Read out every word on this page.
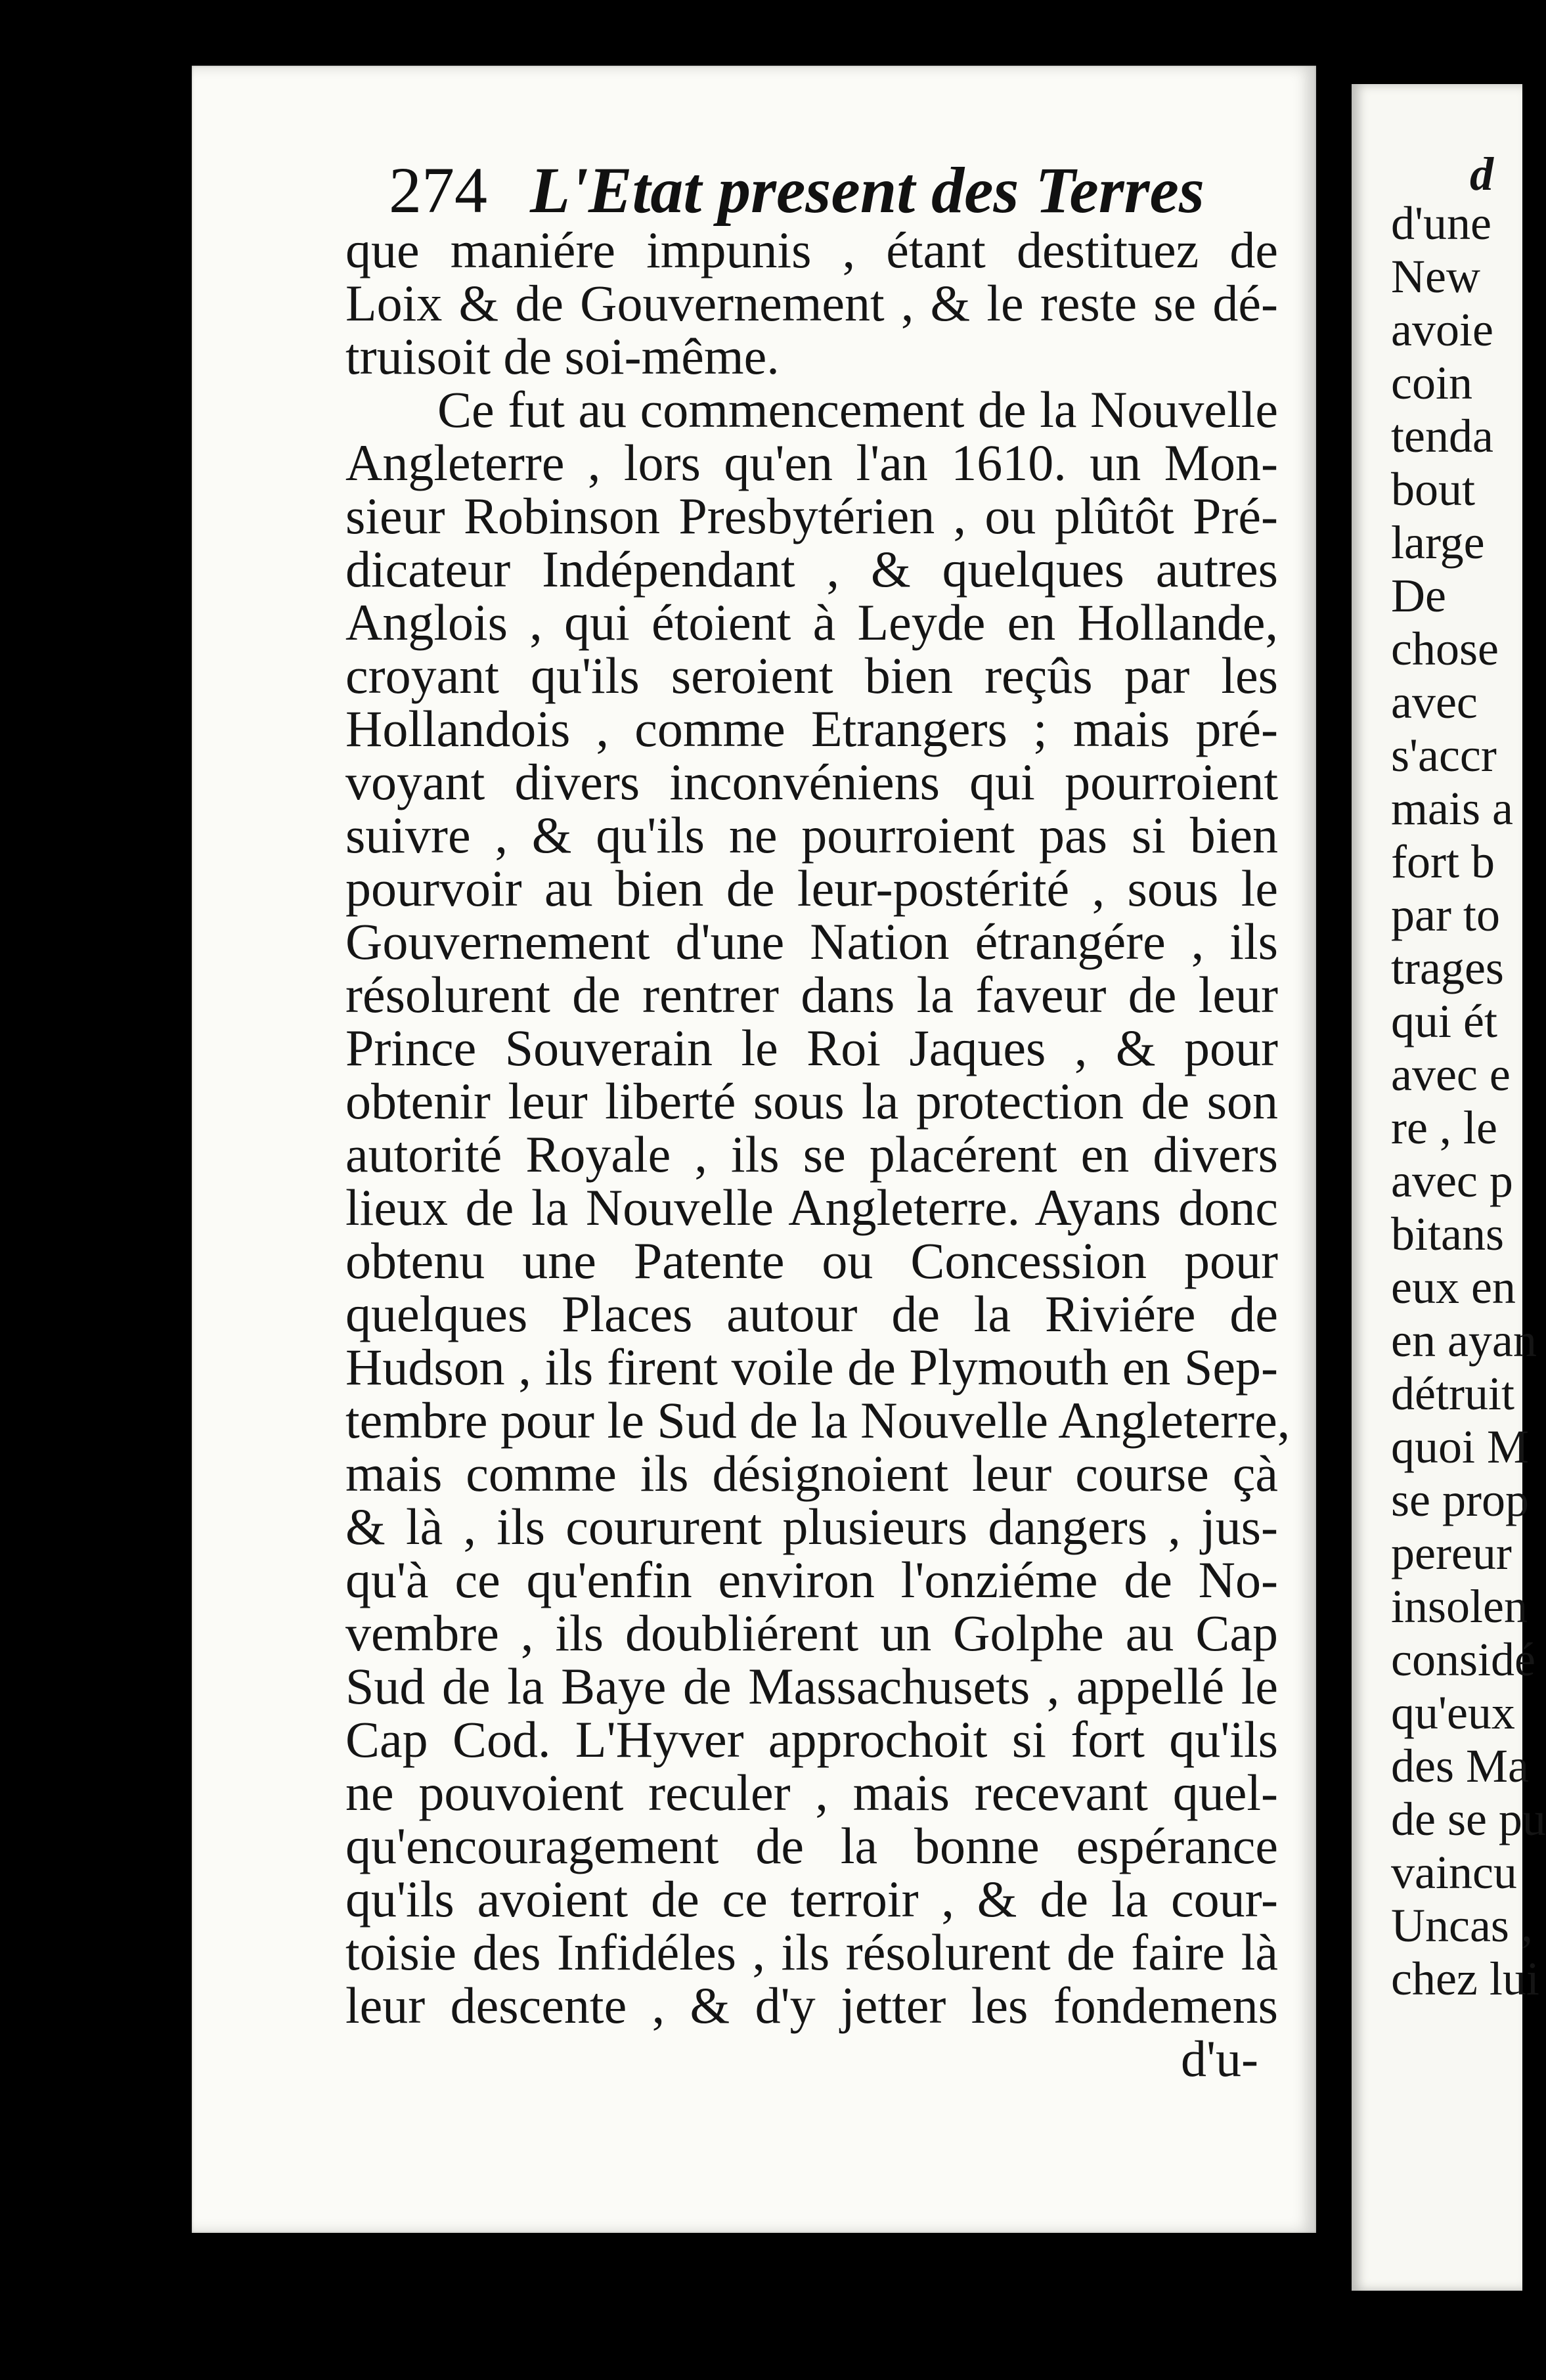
274 L'Etat present des Terres
que maniére impunis , étant destituez de
Loix & de Gouvernement , & le reste se dé-
truisoit de soi-même.
Ce fut au commencement de la Nouvelle
Angleterre , lors qu'en l'an 1610. un Mon-
sieur Robinson Presbytérien , ou plûtôt Pré-
dicateur Indépendant , & quelques autres
Anglois , qui étoient à Leyde en Hollande,
croyant qu'ils seroient bien reçûs par les
Hollandois , comme Etrangers ; mais pré-
voyant divers inconvéniens qui pourroient
suivre , & qu'ils ne pourroient pas si bien
pourvoir au bien de leur-postérité , sous le
Gouvernement d'une Nation étrangére , ils
résolurent de rentrer dans la faveur de leur
Prince Souverain le Roi Jaques , & pour
obtenir leur liberté sous la protection de son
autorité Royale , ils se placérent en divers
lieux de la Nouvelle Angleterre. Ayans donc
obtenu une Patente ou Concession pour
quelques Places autour de la Riviére de
Hudson , ils firent voile de Plymouth en Sep-
tembre pour le Sud de la Nouvelle Angleterre,
mais comme ils désignoient leur course çà
& là , ils coururent plusieurs dangers , jus-
qu'à ce qu'enfin environ l'onziéme de No-
vembre , ils doubliérent un Golphe au Cap
Sud de la Baye de Massachusets , appellé le
Cap Cod. L'Hyver approchoit si fort qu'ils
ne pouvoient reculer , mais recevant quel-
qu'encouragement de la bonne espérance
qu'ils avoient de ce terroir , & de la cour-
toisie des Infidéles , ils résolurent de faire là
leur descente , & d'y jetter les fondemens
d'u-
d
d'une
New
avoie
coin
tenda
bout
large
De
chose
avec
s'accr
mais a
fort b
par to
trages
qui ét
avec e
re , le
avec p
bitans
eux en
en ayan
détruit
quoi M
se prop
pereur
insolen
considé
qu'eux
des Ma
de se pu
vaincu
Uncas ,
chez lui
